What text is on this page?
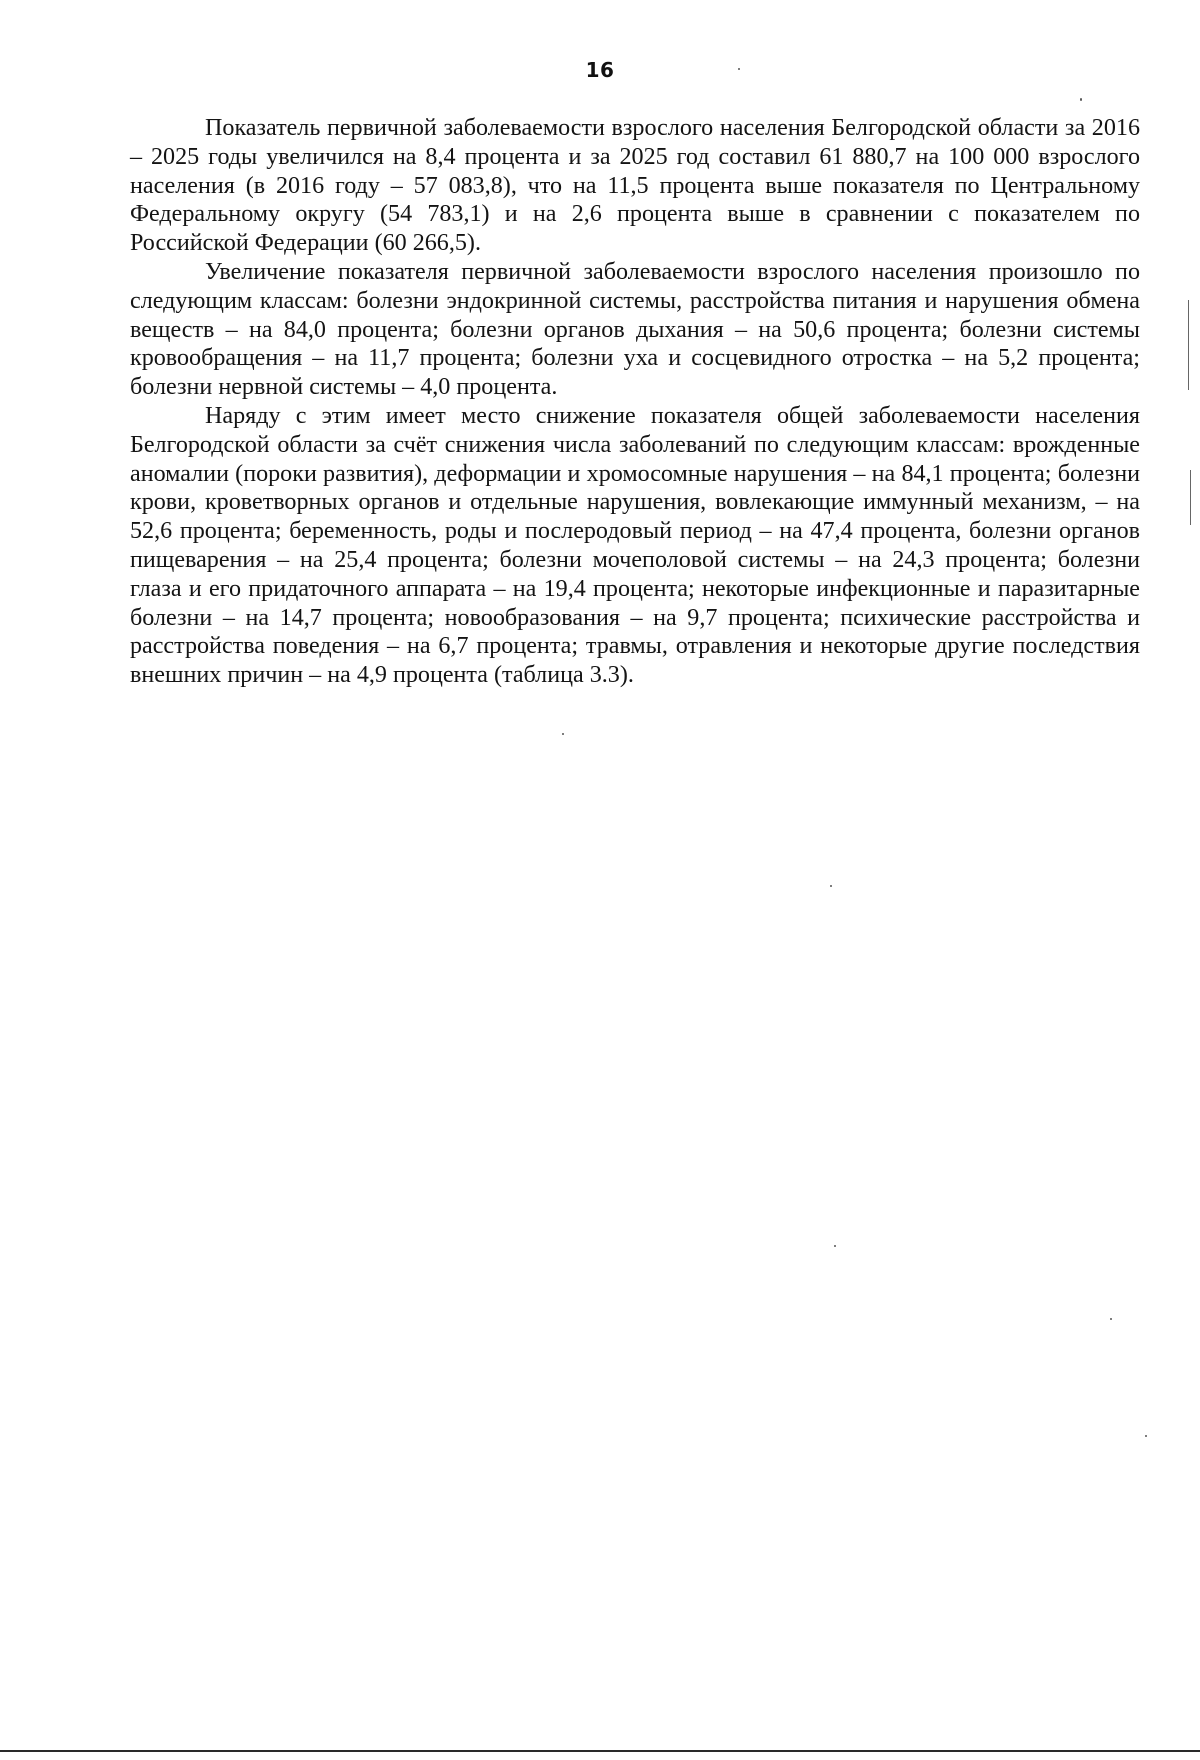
16

Показатель первичной заболеваемости взрослого населения Белгородской области за 2016 – 2025 годы увеличился на 8,4 процента и за 2025 год составил 61 880,7 на 100 000 взрослого населения (в 2016 году – 57 083,8), что на 11,5 процента выше показателя по Центральному Федеральному округу (54 783,1) и на 2,6 процента выше в сравнении с показателем по Российской Федерации (60 266,5).

Увеличение показателя первичной заболеваемости взрослого населения произошло по следующим классам: болезни эндокринной системы, расстройства питания и нарушения обмена веществ – на 84,0 процента; болезни органов дыхания – на 50,6 процента; болезни системы кровообращения – на 11,7 процента; болезни уха и сосцевидного отростка – на 5,2 процента; болезни нервной системы – 4,0 процента.

Наряду с этим имеет место снижение показателя общей заболеваемости населения Белгородской области за счёт снижения числа заболеваний по следующим классам: врожденные аномалии (пороки развития), деформации и хромосомные нарушения – на 84,1 процента; болезни крови, кроветворных органов и отдельные нарушения, вовлекающие иммунный механизм, – на 52,6 процента; беременность, роды и послеродовый период – на 47,4 процента, болезни органов пищеварения – на 25,4 процента; болезни мочеполовой системы – на 24,3 процента; болезни глаза и его придаточного аппарата – на 19,4 процента; некоторые инфекционные и паразитарные болезни – на 14,7 процента; новообразования – на 9,7 процента; психические расстройства и расстройства поведения – на 6,7 процента; травмы, отравления и некоторые другие последствия внешних причин – на 4,9 процента (таблица 3.3).
